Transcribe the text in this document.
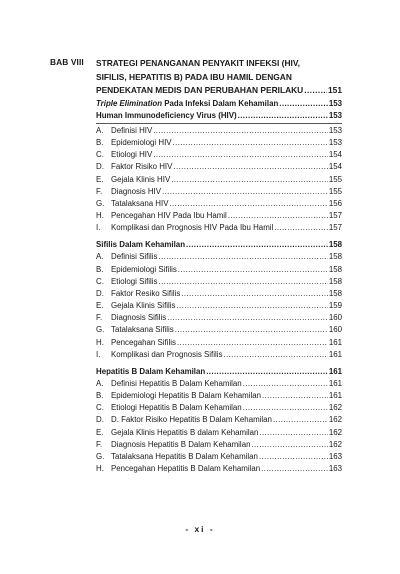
BAB VIII STRATEGI PENANGANAN PENYAKIT INFEKSI (HIV,
SIFILIS, HEPATITIS B) PADA IBU HAMIL DENGAN
PENDEKATAN MEDIS DAN PERUBAHAN PERILAKU .....	151
Triple Elimination Pada Infeksi Dalam Kehamilan .....	153
Human Immunodeficiency Virus (HIV) .....	153
A. Definisi HIV .....	153
B. Epidemiologi HIV .....	153
C. Etiologi HIV .....	154
D. Faktor Risiko HIV .....	154
E. Gejala Klinis HIV .....	155
F.	Diagnosis HIV .....	155
G. Tatalaksana HIV .....	156
H. Pencegahan HIV Pada Ibu Hamil .....	157
I.	Komplikasi dan Prognosis HIV Pada Ibu Hamil .....	157
Sifilis Dalam Kehamilan .....	158
A. Definisi Sifilis .....	158
B. Epidemiologi Sifilis .....	158
C. Etiologi Sifilis .....	158
D. Faktor Resiko Sifilis .....	158
E. Gejala Klinis Sifilis .....	159
F.	Diagnosis Sifilis .....	160
G. Tatalaksana Sifilis .....	160
H. Pencegahan Sifilis .....	161
I.	Komplikasi dan Prognosis Sifilis .....	161
Hepatitis B Dalam Kehamilan .....	161
A. Definisi Hepatitis B Dalam Kehamilan .....	161
B. Epidemiologi Hepatitis B Dalam Kehamilan .....	161
C. Etiologi Hepatitis B Dalam Kehamilan .....	162
D. D. Faktor Risiko Hepatitis B Dalam Kehamilan .....	162
E. Gejala Klinis Hepatitis B dalam Kehamilan .....	162
F.	Diagnosis Hepatitis B Dalam Kehamilan .....	162
G. Tatalaksana Hepatitis B Dalam Kehamilan .....	163
H. Pencegahan Hepatitis B Dalam Kehamilan .....	163
- xi -
